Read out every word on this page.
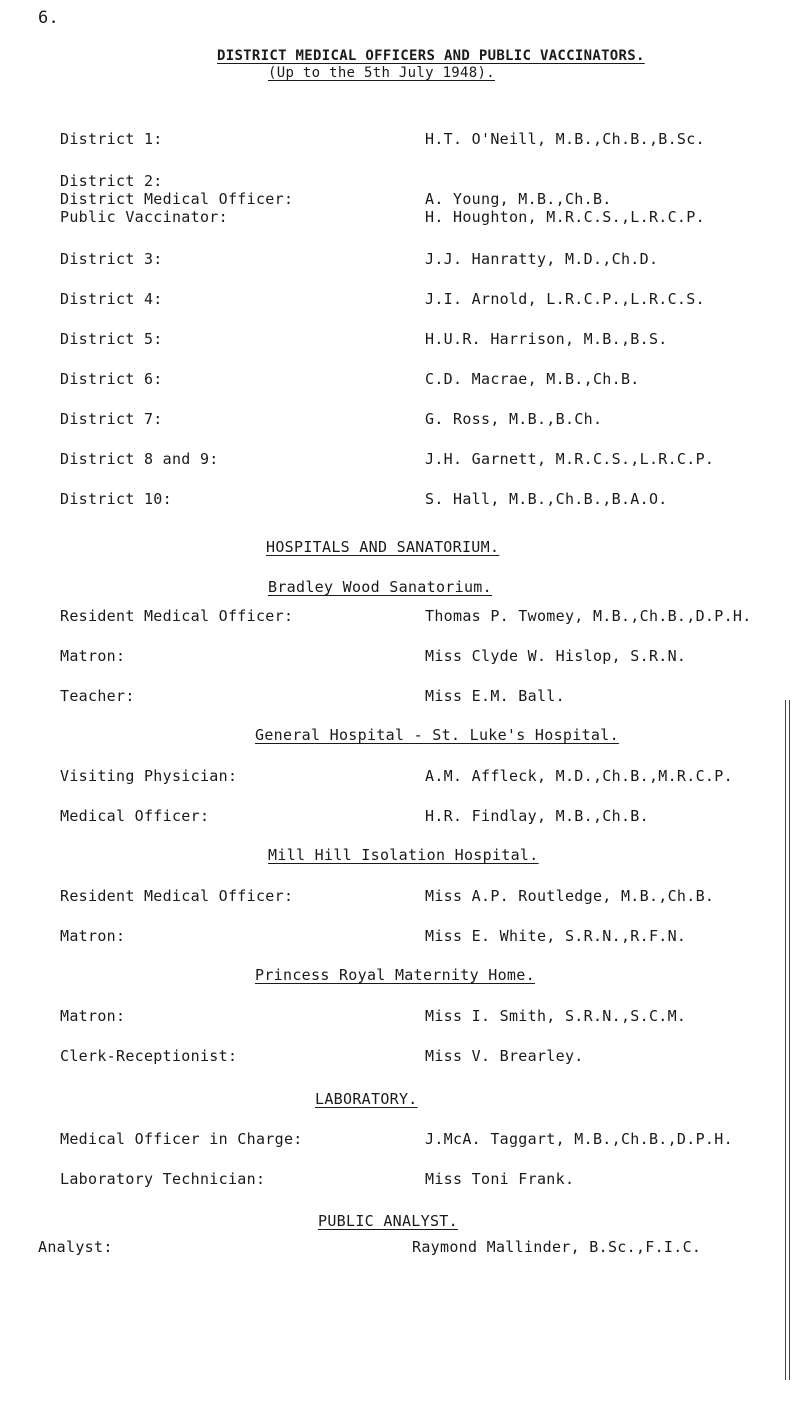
6.
DISTRICT MEDICAL OFFICERS AND PUBLIC VACCINATORS.
(Up to the 5th July 1948).
District 1:	H.T. O'Neill, M.B.,Ch.B.,B.Sc.
District 2:
District Medical Officer:	A. Young, M.B.,Ch.B.
Public Vaccinator:	H. Houghton, M.R.C.S.,L.R.C.P.
District 3:	J.J. Hanratty, M.D.,Ch.D.
District 4:	J.I. Arnold, L.R.C.P.,L.R.C.S.
District 5:	H.U.R. Harrison, M.B.,B.S.
District 6:	C.D. Macrae, M.B.,Ch.B.
District 7:	G. Ross, M.B.,B.Ch.
District 8 and 9:	J.H. Garnett, M.R.C.S.,L.R.C.P.
District 10:	S. Hall, M.B.,Ch.B.,B.A.O.
HOSPITALS AND SANATORIUM.
Bradley Wood Sanatorium.
Resident Medical Officer:	Thomas P. Twomey, M.B.,Ch.B.,D.P.H.
Matron:	Miss Clyde W. Hislop, S.R.N.
Teacher:	Miss E.M. Ball.
General Hospital - St. Luke's Hospital.
Visiting Physician:	A.M. Affleck, M.D.,Ch.B.,M.R.C.P.
Medical Officer:	H.R. Findlay, M.B.,Ch.B.
Mill Hill Isolation Hospital.
Resident Medical Officer:	Miss A.P. Routledge, M.B.,Ch.B.
Matron:	Miss E. White, S.R.N.,R.F.N.
Princess Royal Maternity Home.
Matron:	Miss I. Smith, S.R.N.,S.C.M.
Clerk-Receptionist:	Miss V. Brearley.
LABORATORY.
Medical Officer in Charge:	J.McA. Taggart, M.B.,Ch.B.,D.P.H.
Laboratory Technician:	Miss Toni Frank.
PUBLIC ANALYST.
Analyst:	Raymond Mallinder, B.Sc.,F.I.C.
